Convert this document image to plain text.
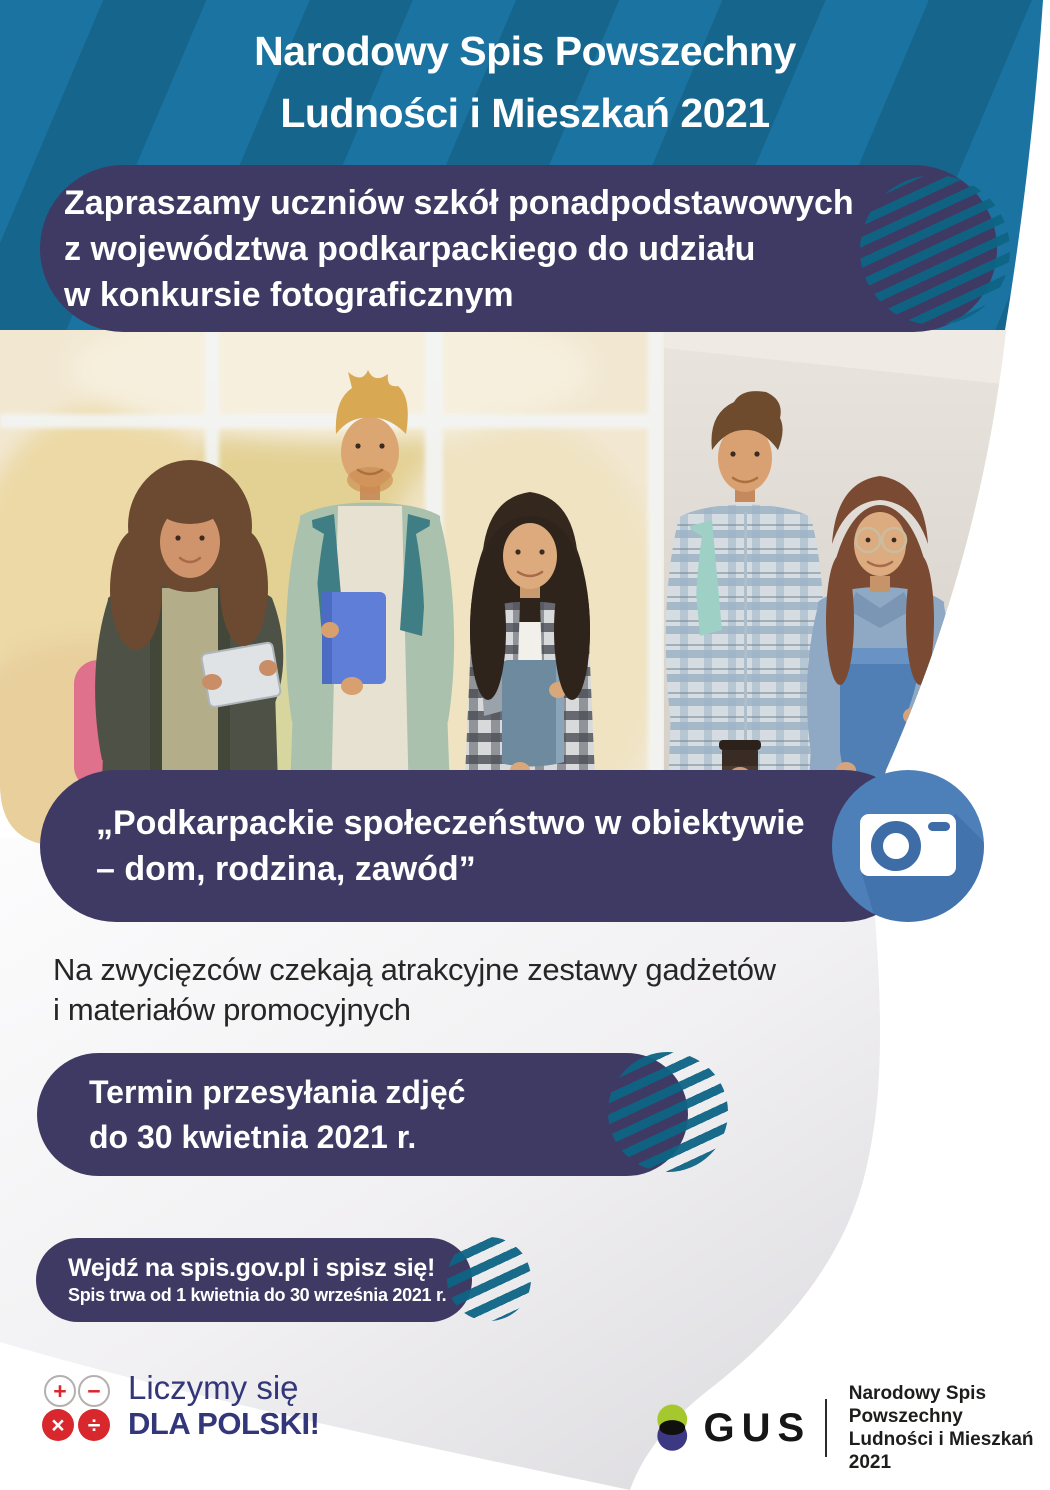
Narodowy Spis Powszechny
Ludności i Mieszkań 2021
Zapraszamy uczniów szkół ponadpodstawowych
z województwa podkarpackiego do udziału
w konkursie fotograficznym
„Podkarpackie społeczeństwo w obiektywie
– dom, rodzina, zawód”
Na zwycięzców czekają atrakcyjne zestawy gadżetów
i materiałów promocyjnych
Termin przesyłania zdjęć
do 30 kwietnia 2021 r.
Wejdź na spis.gov.pl i spisz się!
Spis trwa od 1 kwietnia do 30 września 2021 r.
+ −
× ÷
Liczymy się
DLA POLSKI!	GUS
Narodowy Spis Powszechny
Ludności i Mieszkań 2021
